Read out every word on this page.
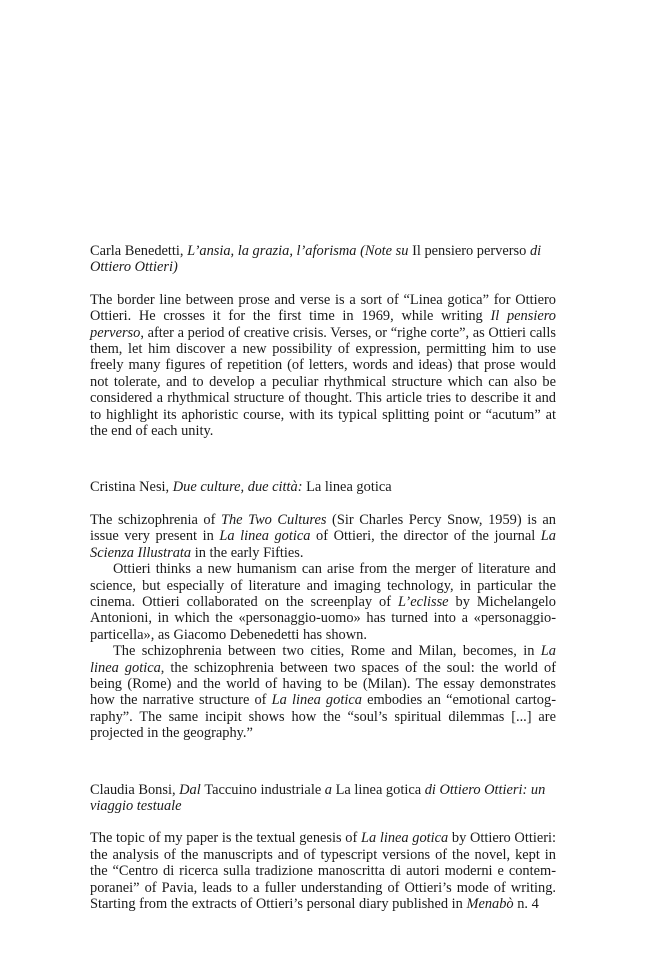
Carla Benedetti, L’ansia, la grazia, l’aforisma (Note su Il pensiero perverso di Ottiero Ottieri)

The border line between prose and verse is a sort of “Linea gotica” for Ottiero Ottieri. He crosses it for the first time in 1969, while writing Il pensiero perverso, after a period of creative crisis. Verses, or “righe corte”, as Ottieri calls them, let him discover a new possibility of expression, permitting him to use freely many figures of repetition (of letters, words and ideas) that prose would not tolerate, and to develop a peculiar rhythmical structure which can also be considered a rhythmical structure of thought. This article tries to describe it and to highlight its aphoristic course, with its typical splitting point or “acutum” at the end of each unity.

Cristina Nesi, Due culture, due città: La linea gotica

The schizophrenia of The Two Cultures (Sir Charles Percy Snow, 1959) is an issue very present in La linea gotica of Ottieri, the director of the journal La Scienza Illustrata in the early Fifties.

Ottieri thinks a new humanism can arise from the merger of literature and science, but especially of literature and imaging technology, in particular the cinema. Ottieri collaborated on the screenplay of L’eclisse by Michelangelo Antonioni, in which the «personaggio-uomo» has turned into a «personaggio-particella», as Giacomo Debenedetti has shown.

The schizophrenia between two cities, Rome and Milan, becomes, in La linea gotica, the schizophrenia between two spaces of the soul: the world of being (Rome) and the world of having to be (Milan). The essay demonstrates how the narrative structure of La linea gotica embodies an “emotional cartography”. The same incipit shows how the “soul’s spiritual dilemmas [...] are projected in the geography.”

Claudia Bonsi, Dal Taccuino industriale a La linea gotica di Ottiero Ottieri: un viaggio testuale

The topic of my paper is the textual genesis of La linea gotica by Ottiero Ottieri: the analysis of the manuscripts and of typescript versions of the novel, kept in the “Centro di ricerca sulla tradizione manoscritta di autori moderni e contemporanei” of Pavia, leads to a fuller understanding of Ottieri’s mode of writing. Starting from the extracts of Ottieri’s personal diary published in Menabò n. 4
